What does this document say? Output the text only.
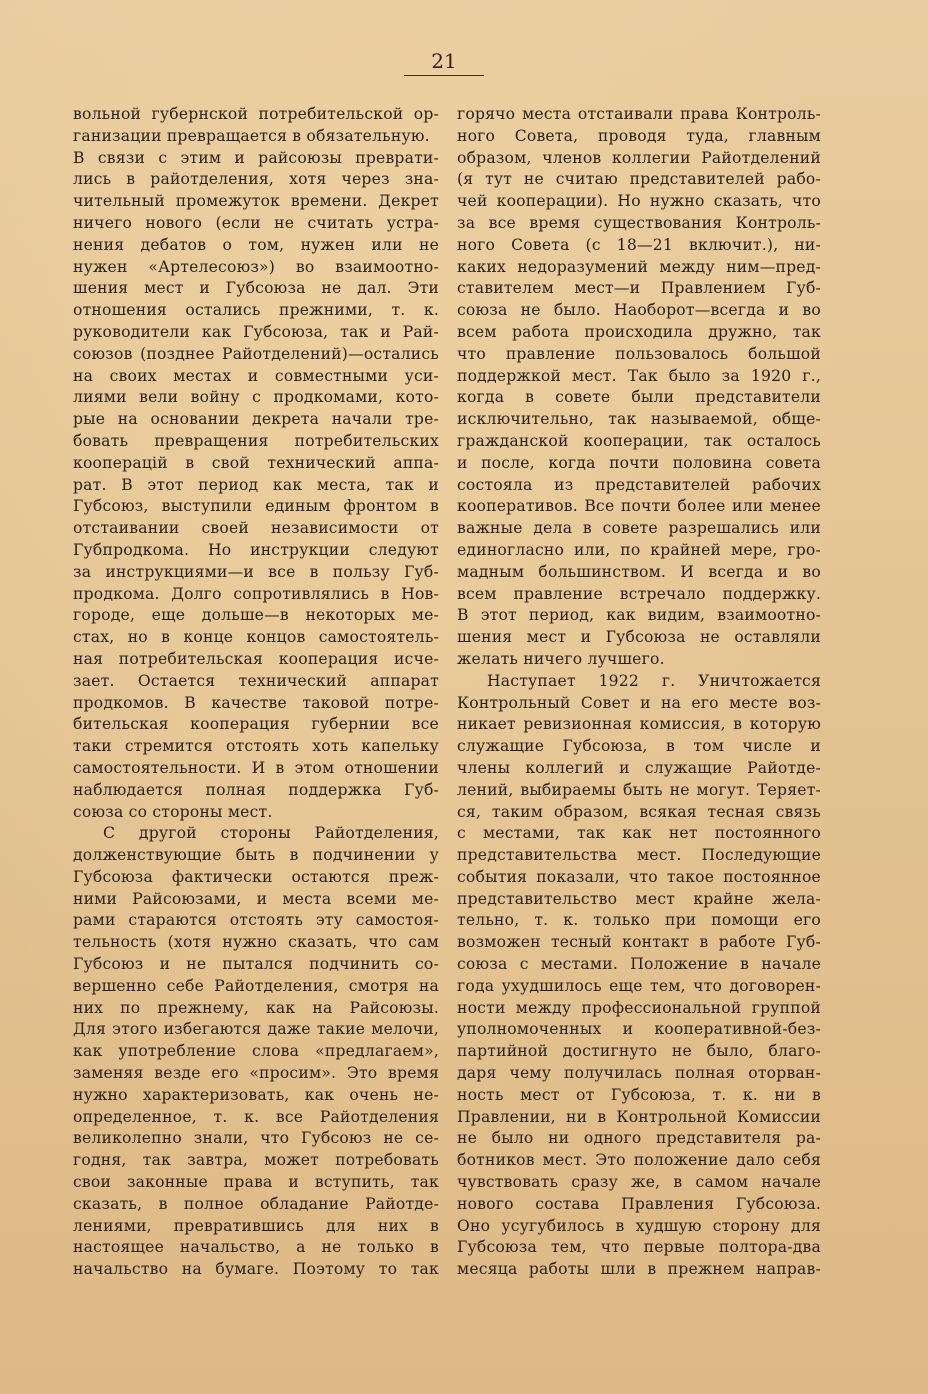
21
вольной губернской потребительской ор-
ганизации превращается в обязательную.
В связи с этим и райсоюзы преврати-
лись в райотделения, хотя через зна-
чительный промежуток времени. Декрет
ничего нового (если не считать устра-
нения дебатов о том, нужен или не
нужен «Артелесоюз») во взаимоотно-
шения мест и Губсоюза не дал. Эти
отношения остались прежними, т. к.
руководители как Губсоюза, так и Рай-
союзов (позднее Райотделений)—остались
на своих местах и совместными уси-
лиями вели войну с продкомами, кото-
рые на основании декрета начали тре-
бовать превращения потребительских
кооперацій в свой технический аппа-
рат. В этот период как места, так и
Губсоюз, выступили единым фронтом в
отстаивании своей независимости от
Губпродкома. Но инструкции следуют
за инструкциями—и все в пользу Губ-
продкома. Долго сопротивлялись в Нов-
городе, еще дольше—в некоторых ме-
стах, но в конце концов самостоятель-
ная потребительская кооперация исче-
зает. Остается технический аппарат
продкомов. В качестве таковой потре-
бительская кооперация губернии все
таки стремится отстоять хоть капельку
самостоятельности. И в этом отношении
наблюдается полная поддержка Губ-
союза со стороны мест.
С другой стороны Райотделения,
долженствующие быть в подчинении у
Губсоюза фактически остаются преж-
ними Райсоюзами, и места всеми ме-
рами стараются отстоять эту самостоя-
тельность (хотя нужно сказать, что сам
Губсоюз и не пытался подчинить со-
вершенно себе Райотделения, смотря на
них по прежнему, как на Райсоюзы.
Для этого избегаются даже такие мелочи,
как употребление слова «предлагаем»,
заменяя везде его «просим». Это время
нужно характеризовать, как очень не-
определенное, т. к. все Райотделения
великолепно знали, что Губсоюз не се-
годня, так завтра, может потребовать
свои законные права и вступить, так
сказать, в полное обладание Райотде-
лениями, превратившись для них в
настоящее начальство, а не только в
начальство на бумаге. Поэтому то так
горячо места отстаивали права Контроль-
ного Совета, проводя туда, главным
образом, членов коллегии Райотделений
(я тут не считаю представителей рабо-
чей кооперации). Но нужно сказать, что
за все время существования Контроль-
ного Совета (с 18—21 включит.), ни-
каких недоразумений между ним—пред-
ставителем мест—и Правлением Губ-
союза не было. Наоборот—всегда и во
всем работа происходила дружно, так
что правление пользовалось большой
поддержкой мест. Так было за 1920 г.,
когда в совете были представители
исключительно, так называемой, обще-
гражданской кооперации, так осталось
и после, когда почти половина совета
состояла из представителей рабочих
кооперативов. Все почти более или менее
важные дела в совете разрешались или
единогласно или, по крайней мере, гро-
мадным большинством. И всегда и во
всем правление встречало поддержку.
В этот период, как видим, взаимоотно-
шения мест и Губсоюза не оставляли
желать ничего лучшего.
Наступает 1922 г. Уничтожается
Контрольный Совет и на его месте воз-
никает ревизионная комиссия, в которую
служащие Губсоюза, в том числе и
члены коллегий и служащие Райотде-
лений, выбираемы быть не могут. Теряет-
ся, таким образом, всякая тесная связь
с местами, так как нет постоянного
представительства мест. Последующие
события показали, что такое постоянное
представительство мест крайне жела-
тельно, т. к. только при помощи его
возможен тесный контакт в работе Губ-
союза с местами. Положение в начале
года ухудшилось еще тем, что договорен-
ности между профессиональной группой
уполномоченных и кооперативной-без-
партийной достигнуто не было, благо-
даря чему получилась полная оторван-
ность мест от Губсоюза, т. к. ни в
Правлении, ни в Контрольной Комиссии
не было ни одного представителя ра-
ботников мест. Это положение дало себя
чувствовать сразу же, в самом начале
нового состава Правления Губсоюза.
Оно усугубилось в худшую сторону для
Губсоюза тем, что первые полтора-два
месяца работы шли в прежнем направ-
